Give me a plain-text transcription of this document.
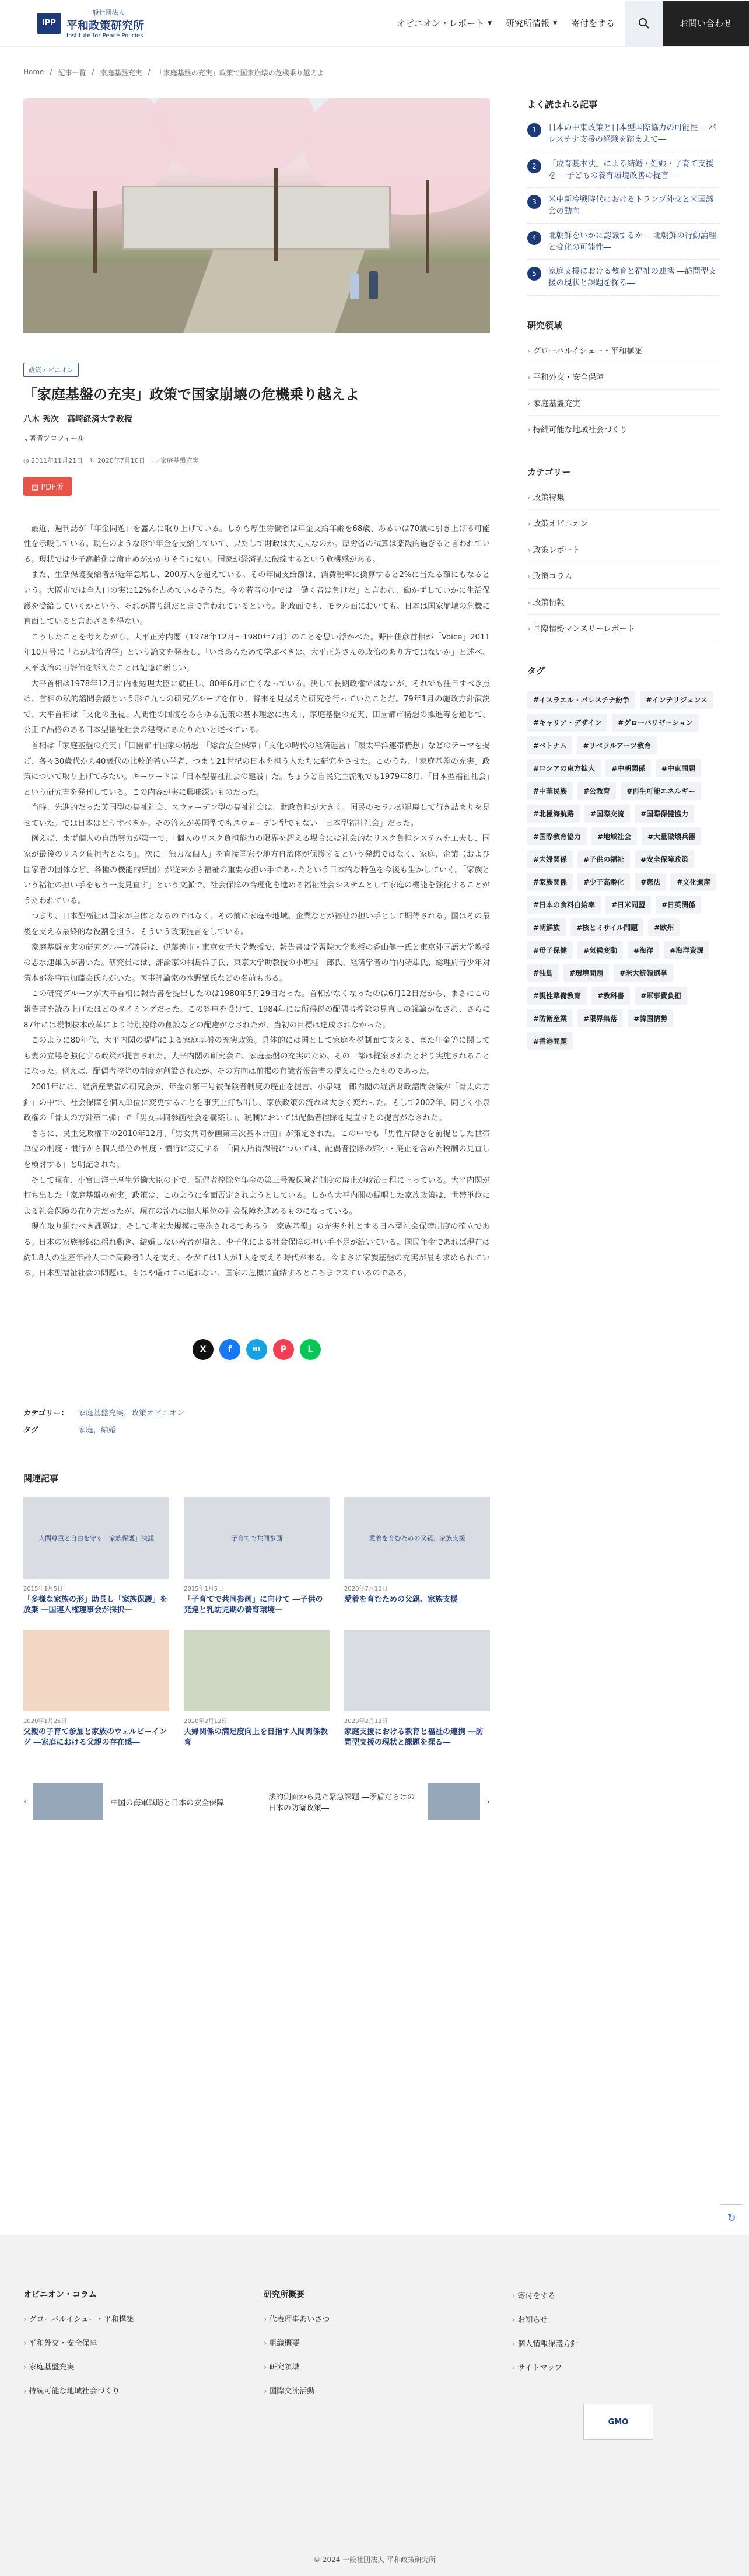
IPP
一般社団法人
平和政策研究所
Institute for Peace Policies
オピニオン・レポート ▼ 研究所情報 ▼ 寄付をする	お問い合わせ
Home / 記事一覧 / 家庭基盤充実 / 「家庭基盤の充実」政策で国家崩壊の危機乗り越えよ
政策オピニオン
「家庭基盤の充実」政策で国家崩壊の危機乗り越えよ
八木 秀次　高崎経済大学教授
⌄著者プロフィール
◷ 2011年11月21日 ↻ 2020年7月10日 ▭ 家庭基盤充実
▤ PDF版

最近、週刊誌が「年金問題」を盛んに取り上げている。しかも厚生労働省は年金支給年齢を68歳、あるいは70歳に引き上げる可能性を示唆している。現在のような形で年金を支給していて、果たして財政は大丈夫なのか。厚労省の試算は楽観的過ぎると言われている。現状では少子高齢化は歯止めがかかりそうにない。国家が経済的に破綻するという危機感がある。

また、生活保護受給者が近年急増し、200万人を超えている。その年間支給額は、消費税率に換算すると2%に当たる額にもなるという。大阪市では全人口の実に12%を占めているそうだ。今の若者の中では「働く者は負けだ」と言われ、働かずしていかに生活保護を受給していくかという、それが勝ち組だとまで言われているという。財政面でも、モラル面においても、日本は国家崩壊の危機に直面していると言わざるを得ない。

こうしたことを考えながら、大平正芳内閣（1978年12月〜1980年7月）のことを思い浮かべた。野田佳彦首相が「Voice」2011年10月号に「わが政治哲学」という論文を発表し、「いまあらためて学ぶべきは、大平正芳さんの政治のあり方ではないか」と述べ、大平政治の再評価を訴えたことは記憶に新しい。

大平首相は1978年12月に内閣総理大臣に就任し、80年6月に亡くなっている。決して長期政権ではないが、それでも注目すべき点は、首相の私的諮問会議という形で九つの研究グループを作り、将来を見据えた研究を行っていたことだ。79年1月の施政方針演説で、大平首相は「文化の重視、人間性の回復をあらゆる施策の基本理念に据え」、家庭基盤の充実、田園都市構想の推進等を通じて、公正で品格のある日本型福祉社会の建設にあたりたいと述べている。

首相は「家庭基盤の充実」「田園都市国家の構想」「総合安全保障」「文化の時代の経済運営」「環太平洋連帯構想」などのテーマを掲げ、各々30歳代から40歳代の比較的若い学者、つまり21世紀の日本を担う人たちに研究をさせた。このうち、「家庭基盤の充実」政策について取り上げてみたい。キーワードは「日本型福祉社会の建設」だ。ちょうど自民党主流派でも1979年8月、「日本型福祉社会」という研究書を発刊している。この内容が実に興味深いものだった。

当時、先進的だった英国型の福祉社会、スウェーデン型の福祉社会は、財政負担が大きく、国民のモラルが退廃して行き詰まりを見せていた。では日本はどうすべきか。その答えが英国型でもスウェーデン型でもない「日本型福祉社会」だった。

例えば、まず個人の自助努力が第一で、「個人のリスク負担能力の限界を超える場合には社会的なリスク負担システムを工夫し、国家が最後のリスク負担者となる」。次に「無力な個人」を直接国家や地方自治体が保護するという発想ではなく、家庭、企業（および国家者の団体など、各種の機能的集団）が従来から福祉の重要な担い手であったという日本的な特色を今後も生かしていく。「家族という福祉の担い手をもう一度見直す」という文脈で、社会保障の合理化を進める福祉社会システムとして家庭の機能を強化することがうたわれている。

つまり、日本型福祉は国家が主体となるのではなく、その前に家庭や地域、企業などが福祉の担い手として期待される。国はその最後を支える最終的な役割を担う、そういう政策提言をしている。

家庭基盤充実の研究グループ議長は、伊藤善市・東京女子大学教授で、報告書は学習院大学教授の香山健一氏と東京外国語大学教授の志水速雄氏が書いた。研究員には、評論家の桐島洋子氏、東京大学助教授の小堀桂一郎氏、経済学者の竹内靖雄氏、総理府青少年対策本部参事官加藤会氏らがいた。医事評論家の水野肇氏などの名前もある。

この研究グループが大平首相に報告書を提出したのは1980年5月29日だった。首相がなくなったのは6月12日だから、まさにこの報告書を読み上げたほどのタイミングだった。この答申を受けて、1984年には所得税の配偶者控除の見直しの議論がなされ、さらに87年には税制抜本改革により特別控除の創設などの配慮がなされたが、当初の目標は達成されなかった。

このように80年代、大平内閣の提唱による家庭基盤の充実政策。具体的には国として家庭を税制面で支える、また年金等に関しても妻の立場を強化する政策が提言された。大平内閣の研究会で、家庭基盤の充実のため、その一部は提案されたとおり実施されることになった。例えば、配偶者控除の制度が創設されたが、その方向は前掲の有識者報告書の提案に沿ったものであった。

2001年には、経済産業省の研究会が、年金の第三号被保険者制度の廃止を提言、小泉純一郎内閣の経済財政諮問会議が「骨太の方針」の中で、社会保障を個人単位に変更することを事実上打ち出し、家族政策の流れは大きく変わった。そして2002年、同じく小泉政権の「骨太の方針第二弾」で「男女共同参画社会を構築し」、税制においては配偶者控除を見直すとの提言がなされた。

さらに、民主党政権下の2010年12月、「男女共同参画第三次基本計画」が策定された。この中でも「男性片働きを前提とした世帯単位の制度・慣行から個人単位の制度・慣行に変更する」「個人所得課税については、配偶者控除の縮小・廃止を含めた税制の見直しを検討する」と明記された。

そして現在、小宮山洋子厚生労働大臣の下で、配偶者控除や年金の第三号被保険者制度の廃止が政治日程に上っている。大平内閣が打ち出した「家庭基盤の充実」政策は、このように全面否定されようとしている。しかも大平内閣の提唱した家族政策は、世帯単位による社会保障の在り方だったが、現在の流れは個人単位の社会保障を進めるものになっている。

現在取り組むべき課題は、そして将来大規模に実施されるであろう「家族基盤」の充実を柱とする日本型社会保障制度の確立である。日本の家族形態は揺れ動き、結婚しない若者が増え、少子化による社会保障の担い手不足が続いている。国民年金であれば現在は約1.8人の生産年齢人口で高齢者1人を支え、やがては1人が1人を支える時代が来る。今まさに家族基盤の充実が最も求められている。日本型福祉社会の問題は、もはや避けては通れない、国家の危機に直結するところまで来ているのである。

X	f	B!	P	L
カテゴリー： 家庭基盤充実，政策オピニオン
タグ	家庭，結婚
関連記事
人間尊重と自由を守る「家族保護」決議
2015年1月5日
「多様な家族の形」助長し「家族保護」を放棄 ―国連人権理事会が採択―
子育てで共同参画
2015年1月5日
「子育てで共同参画」に向けて ―子供の発達と乳幼児期の養育環境―
愛着を育むための父親、家族支援
2020年7月10日
愛着を育むための父親、家族支援
2020年1月25日
父親の子育て参加と家族のウェルビーイング ―家庭における父親の存在感―
2020年2月12日
夫婦関係の満足度向上を目指す人間関係教育
2020年2月12日
家庭支援における教育と福祉の連携 ―訪問型支援の現状と課題を探る―
‹	中国の海軍戦略と日本の安全保障
法的側面から見た緊急課題 ―矛盾だらけの日本の防衛政策―
›
よく読まれる記事
1	日本の中東政策と日本型国際協力の可能性 ―パレスチナ支援の経験を踏まえて―
2	「成育基本法」による結婚・妊娠・子育て支援を ―子どもの養育環境改善の提言―
3	米中新冷戦時代におけるトランプ外交と米国議会の動向
4	北朝鮮をいかに認識するか ―北朝鮮の行動論理と変化の可能性―
5	家庭支援における教育と福祉の連携 ―訪問型支援の現状と課題を探る―
研究領域
› グローバルイシュー・平和構築
› 平和外交・安全保障
› 家庭基盤充実
› 持続可能な地域社会づくり
カテゴリー
› 政策特集
› 政策オピニオン
› 政策レポート
› 政策コラム
› 政策情報
› 国際情勢マンスリーレポート
タグ
#イスラエル・パレスチナ紛争	#インテリジェンス
#キャリア・デザイン	#グローバリゼーション
#ベトナム	#リベラルアーツ教育
#ロシアの東方拡大	#中朝関係	#中東問題
#中華民族	#公教育	#再生可能エネルギー
#北極海航路	#国際交流	#国際保健協力
#国際教育協力	#地域社会	#大量破壊兵器
#夫婦関係	#子供の福祉	#安全保障政策
#家族関係	#少子高齢化	#憲法	#文化遺産
#日本の食料自給率	#日米同盟	#日英関係
#朝鮮族	#核とミサイル問題	#欧州
#母子保健	#気候変動	#海洋	#海洋資源
#独島	#環境問題	#米大統領選挙
#親性準備教育	#教科書	#軍事費負担
#防衛産業	#限界集落	#韓国情勢
#香港問題
↻
オピニオン・コラム
› グローバルイシュー・平和構築
› 平和外交・安全保障
› 家庭基盤充実
› 持続可能な地域社会づくり
研究所概要
› 代表理事あいさつ
› 組織概要
› 研究領域
› 国際交流活動
› 寄付をする
› お知らせ
› 個人情報保護方針
› サイトマップ
GMO
© 2024 一般社団法人 平和政策研究所
